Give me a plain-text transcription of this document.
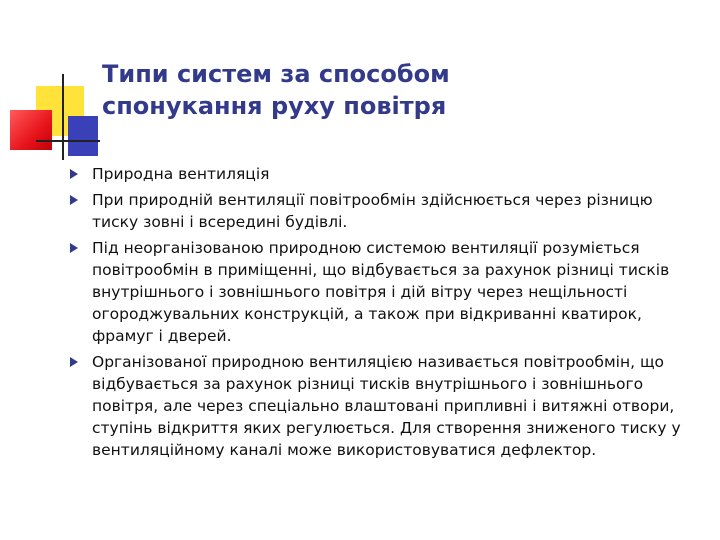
Типи систем за способом
спонукання руху повітря
Природна вентиляція
При природній вентиляції повітрообмін здійснюється через різницю тиску зовні і всередині будівлі.
Під неорганізованою природною системою вентиляції розуміється повітрообмін в приміщенні, що відбувається за рахунок різниці тисків внутрішнього і зовнішнього повітря і дій вітру через нещільності огороджувальних конструкцій, а також при відкриванні кватирок, фрамуг і дверей.
Організованої природною вентиляцією називається повітрообмін, що відбувається за рахунок різниці тисків внутрішнього і зовнішнього повітря, але через спеціально влаштовані припливні і витяжні отвори, ступінь відкриття яких регулюється. Для створення зниженого тиску у вентиляційному каналі може використовуватися дефлектор.
